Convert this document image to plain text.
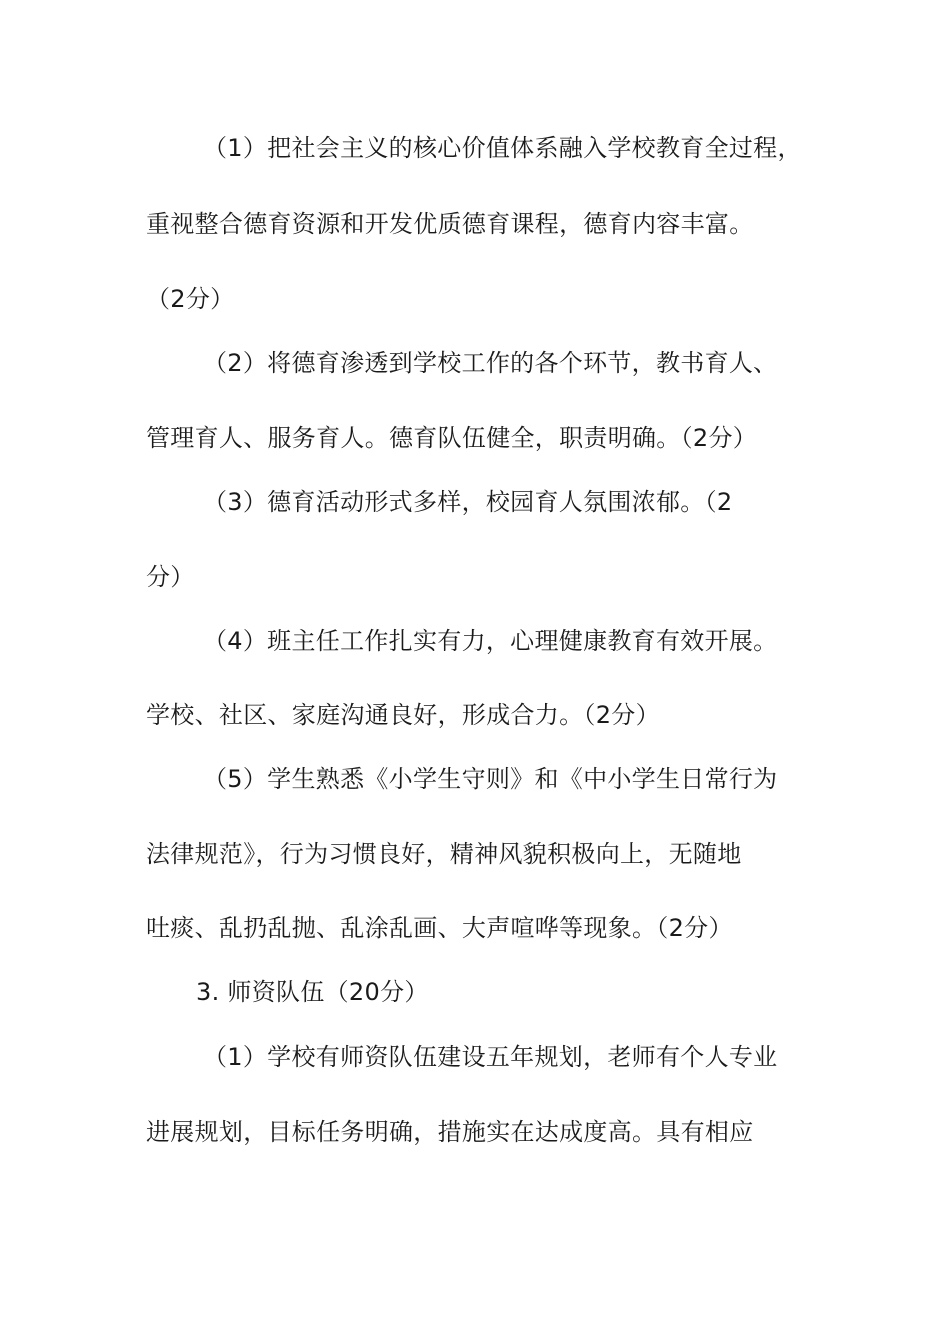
（1）把社会主义的核心价值体系融入学校教育全过程，
重视整合德育资源和开发优质德育课程，德育内容丰富。
（2分）
（2）将德育渗透到学校工作的各个环节，教书育人、
管理育人、服务育人。德育队伍健全，职责明确。（2分）
（3）德育活动形式多样，校园育人氛围浓郁。（2
分）
（4）班主任工作扎实有力，心理健康教育有效开展。
学校、社区、家庭沟通良好，形成合力。（2分）
（5）学生熟悉《小学生守则》和《中小学生日常行为
法律规范》，行为习惯良好，精神风貌积极向上，无随地
吐痰、乱扔乱抛、乱涂乱画、大声喧哗等现象。（2分）
3. 师资队伍（20分）
（1）学校有师资队伍建设五年规划，老师有个人专业
进展规划，目标任务明确，措施实在达成度高。具有相应
